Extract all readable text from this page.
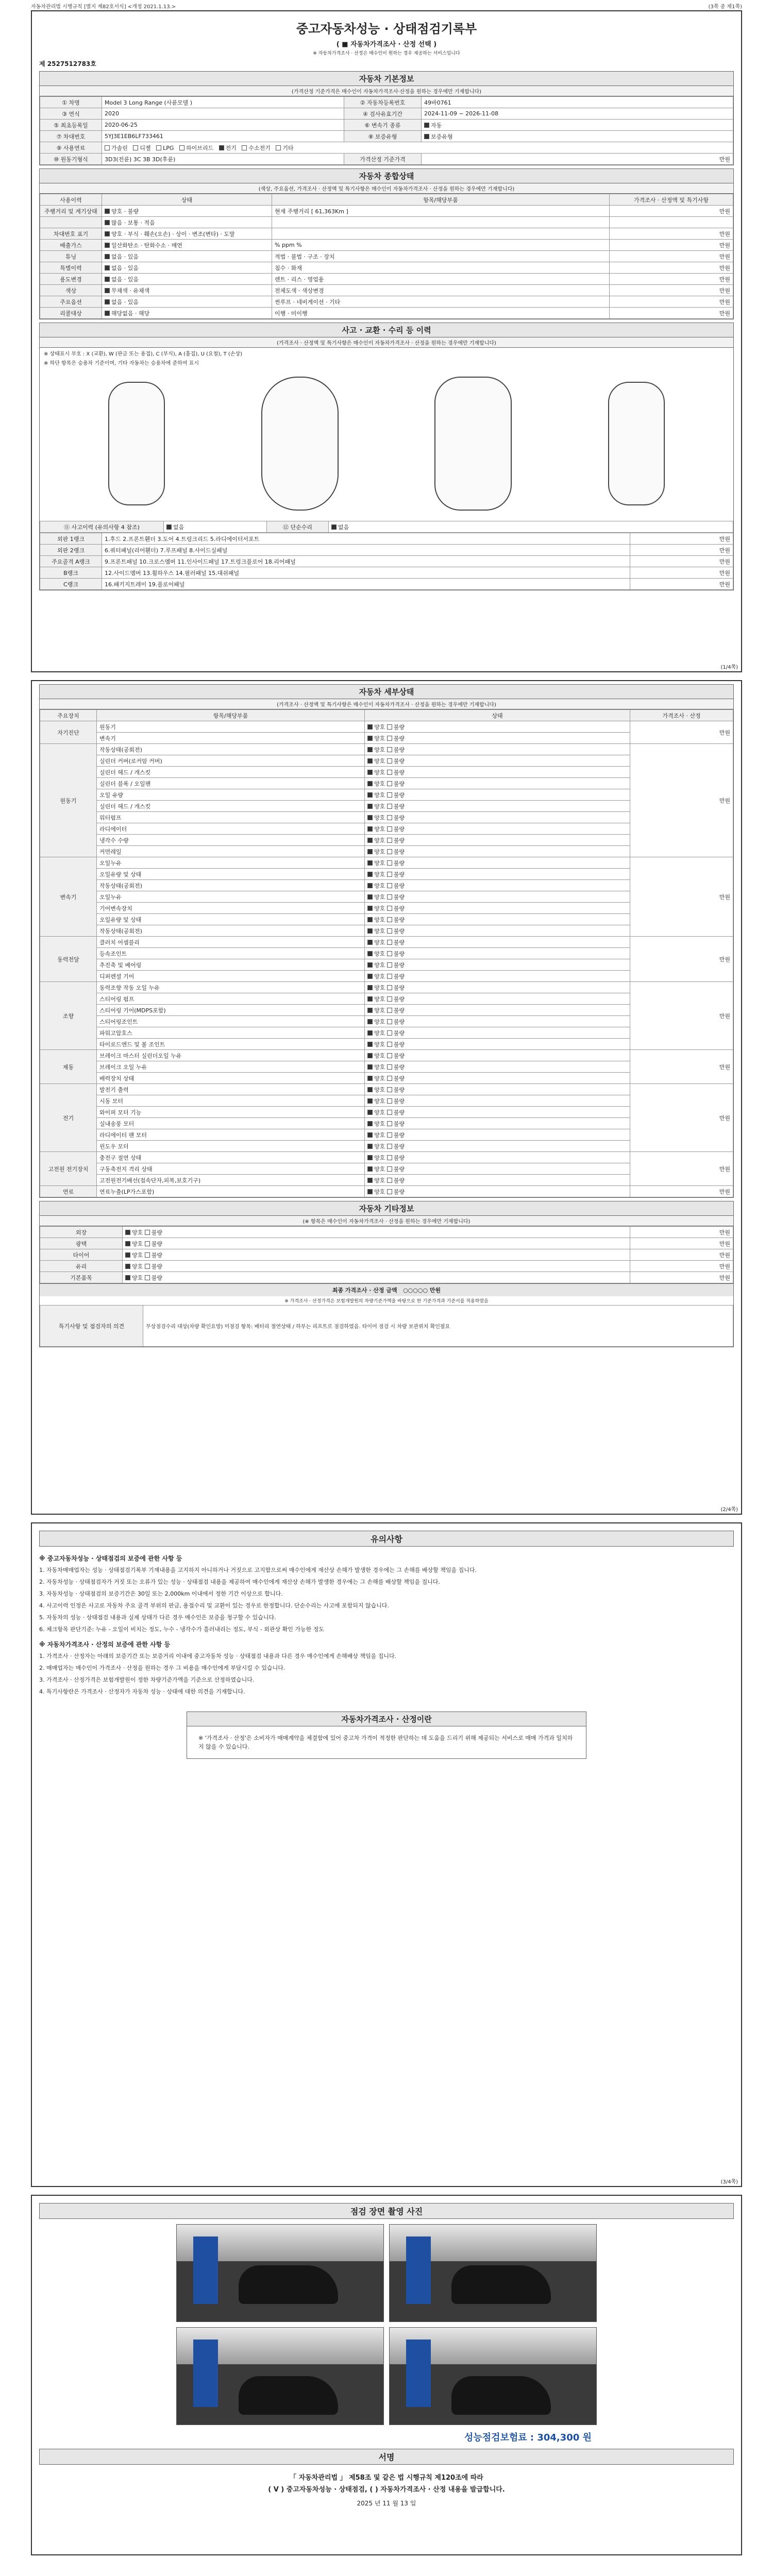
자동차관리법 시행규칙 [별지 제82호서식] <개정 2021.1.13.>	(3쪽 중 제1쪽)
중고자동차성능 · 상태점검기록부
( ■ 자동차가격조사 · 산정 선택 )
※ 자동차가격조사 · 산정은 매수인이 원하는 경우 제공하는 서비스입니다
제 2527512783호
자동차 기본정보
(가격산정 기준가격은 매수인이 자동차가격조사·산정을 원하는 경우에만 기재합니다)
① 차명	Model 3 Long Range (사륜모델 )	② 자동차등록번호	49바0761
③ 연식	2020	④ 검사유효기간	2024-11-09 ~ 2026-11-08
⑤ 최초등록일	2020-06-25	⑥ 변속기 종류	자동
⑦ 차대번호	5YJ3E1EB6LF733461	⑧ 보증유형	보증유형
⑨ 사용연료	가솔린 디젤 LPG 하이브리드 전기 수소전기 기타		
⑩ 원동기형식	3D3(전륜) 3C 3B 3D(후륜)	가격산정 기준가격	만원
자동차 종합상태
(색상, 주요옵션, 가격조사 · 산정액 및 특기사항은 매수인이 자동차가격조사 · 산정을 원하는 경우에만 기재합니다)
사용이력	상태	항목/해당부품	가격조사 · 산정액 및 특기사항
주행거리 및 계기상태	양호 · 불량	현재 주행거리 [ 61,363Km ]	만원
	많음 · 보통 · 적음		
차대번호 표기	양호 · 부식 · 훼손(오손) · 상이 · 변조(변타) · 도말		만원
배출가스	일산화탄소 · 탄화수소 · 매연	% ppm %	만원
튜닝	없음 · 있음	적법 · 불법 · 구조 · 장치	만원
특별이력	없음 · 있음	침수 · 화재	만원
용도변경	없음 · 있음	렌트 · 리스 · 영업용	만원
색상	무채색 · 유채색	전체도색 · 색상변경	만원
주요옵션	없음 · 있음	썬루프 · 네비게이션 · 기타	만원
리콜대상	해당없음 · 해당	이행 · 미이행	만원
사고 · 교환 · 수리 등 이력
(가격조사 · 산정액 및 특기사항은 매수인이 자동차가격조사 · 산정을 원하는 경우에만 기재합니다)
※ 상태표시 부호 : X (교환), W (판금 또는 용접), C (부식), A (흠집), U (요철), T (손상)
※ 하단 항목은 승용차 기준이며, 기타 자동차는 승용차에 준하여 표시
⑪ 사고이력 (유의사항 4 참조)	없음	⑫ 단순수리	없음
외판 1랭크	1.후드 2.프론트휀더 3.도어 4.트렁크리드 5.라디에이터서포트	만원
외판 2랭크	6.쿼터패널(리어휀더) 7.루프패널 8.사이드실패널	만원
주요골격 A랭크	9.프론트패널 10.크로스멤버 11.인사이드패널 17.트렁크플로어 18.리어패널	만원
B랭크	12.사이드멤버 13.휠하우스 14.필러패널 15.대쉬패널	만원
C랭크	16.패키지트레이 19.플로어패널	만원
(1/4쪽)
자동차 세부상태
(가격조사 · 산정액 및 특기사항은 매수인이 자동차가격조사 · 산정을 원하는 경우에만 기재합니다)
주요장치	항목/해당부품	상태	가격조사 · 산정
자기진단	원동기	양호 불량	만원
	변속기	양호 불량	
원동기	작동상태(공회전)	양호 불량	만원
	실린더 커버(로커암 커버)	양호 불량	
	실린더 헤드 / 개스킷	양호 불량	
	실린더 블록 / 오일팬	양호 불량	
	오일 유량	양호 불량	
	실린더 헤드 / 개스킷	양호 불량	
	워터펌프	양호 불량	
	라디에이터	양호 불량	
	냉각수 수량	양호 불량	
	커먼레일	양호 불량	
변속기	오일누유	양호 불량	만원
	오일유량 및 상태	양호 불량	
	작동상태(공회전)	양호 불량	
	오일누유	양호 불량	
	기어변속장치	양호 불량	
	오일유량 및 상태	양호 불량	
	작동상태(공회전)	양호 불량	
동력전달	클러치 어셈블리	양호 불량	만원
	등속조인트	양호 불량	
	추진축 및 베어링	양호 불량	
	디퍼렌셜 기어	양호 불량	
조향	동력조향 작동 오일 누유	양호 불량	만원
	스티어링 펌프	양호 불량	
	스티어링 기어(MDPS포함)	양호 불량	
	스티어링조인트	양호 불량	
	파워고압호스	양호 불량	
	타이로드엔드 및 볼 조인트	양호 불량	
제동	브레이크 마스터 실린더오일 누유	양호 불량	만원
	브레이크 오일 누유	양호 불량	
	배력장치 상태	양호 불량	
전기	발전기 출력	양호 불량	만원
	시동 모터	양호 불량	
	와이퍼 모터 기능	양호 불량	
	실내송풍 모터	양호 불량	
	라디에이터 팬 모터	양호 불량	
	윈도우 모터	양호 불량	
고전원 전기장치	충전구 절연 상태	양호 불량	만원
	구동축전지 격리 상태	양호 불량	
	고전원전기배선(접속단자,피복,보호기구)	양호 불량	
연료	연료누출(LP가스포함)	양호 불량	만원
자동차 기타정보
(※ 항목은 매수인이 자동차가격조사 · 산정을 원하는 경우에만 기재합니다)
외장	양호 불량	만원
광택	양호 불량	만원
타이어	양호 불량	만원
유리	양호 불량	만원
기본품목	양호 불량	만원
최종 가격조사 · 산정 금액   ○○○○○ 만원
※ 가격조사 · 산정가격은 보험개발원의 차량기준가액을 바탕으로 한 기준가격과 기준서를 적용하였음
특기사항 및 점검자의 의견	무상점검수리 대상(차량 확인요망) 미점검 항목: 배터리 절연상태 / 하부는 리프트로 점검하였음. 타이어 점검 시 차량 보관위치 확인필요
(2/4쪽)
유의사항
※ 중고자동차성능 · 상태점검의 보증에 관한 사항 등

1. 자동차매매업자는 성능 · 상태점검기록부 기재내용을 고지하지 아니하거나 거짓으로 고지함으로써 매수인에게 재산상 손해가 발생한 경우에는 그 손해를 배상할 책임을 집니다.

2. 자동차성능 · 상태점검자가 거짓 또는 오류가 있는 성능 · 상태점검 내용을 제공하여 매수인에게 재산상 손해가 발생한 경우에는 그 손해를 배상할 책임을 집니다.

3. 자동차성능 · 상태점검의 보증기간은 30일 또는 2,000km 이내에서 정한 기간 이상으로 합니다.

4. 사고이력 인정은 사고로 자동차 주요 골격 부위의 판금, 용접수리 및 교환이 있는 경우로 한정합니다. 단순수리는 사고에 포함되지 않습니다.

5. 자동차의 성능 · 상태점검 내용과 실제 상태가 다른 경우 매수인은 보증을 청구할 수 있습니다.

6. 체크항목 판단기준: 누유 - 오일이 비치는 정도, 누수 - 냉각수가 흘러내리는 정도, 부식 - 외관상 확인 가능한 정도

※ 자동차가격조사 · 산정의 보증에 관한 사항 등

1. 가격조사 · 산정자는 아래의 보증기간 또는 보증거리 이내에 중고자동차 성능 · 상태점검 내용과 다른 경우 매수인에게 손해배상 책임을 집니다.

2. 매매업자는 매수인이 가격조사 · 산정을 원하는 경우 그 비용을 매수인에게 부담시킬 수 있습니다.

3. 가격조사 · 산정가격은 보험개발원이 정한 차량기준가액을 기준으로 산정하였습니다.

4. 특기사항란은 가격조사 · 산정자가 자동차 성능 · 상태에 대한 의견을 기재합니다.

자동차가격조사 · 산정이란

※ '가격조사 · 산정'은 소비자가 매매계약을 체결함에 있어 중고차 가격이 적정한 판단하는 데 도움을 드리기 위해 제공되는 서비스로 매매 가격과 일치하지 않을 수 있습니다.

(3/4쪽)
점검 장면 촬영 사진
성능점검보험료 : 304,300 원
서명
「 자동차관리법 」 제58조 및 같은 법 시행규칙 제120조에 따라
( V ) 중고자동차성능 · 상태점검, ( ) 자동차가격조사 · 산정 내용을 발급합니다.
2025 년 11 월 13 일
